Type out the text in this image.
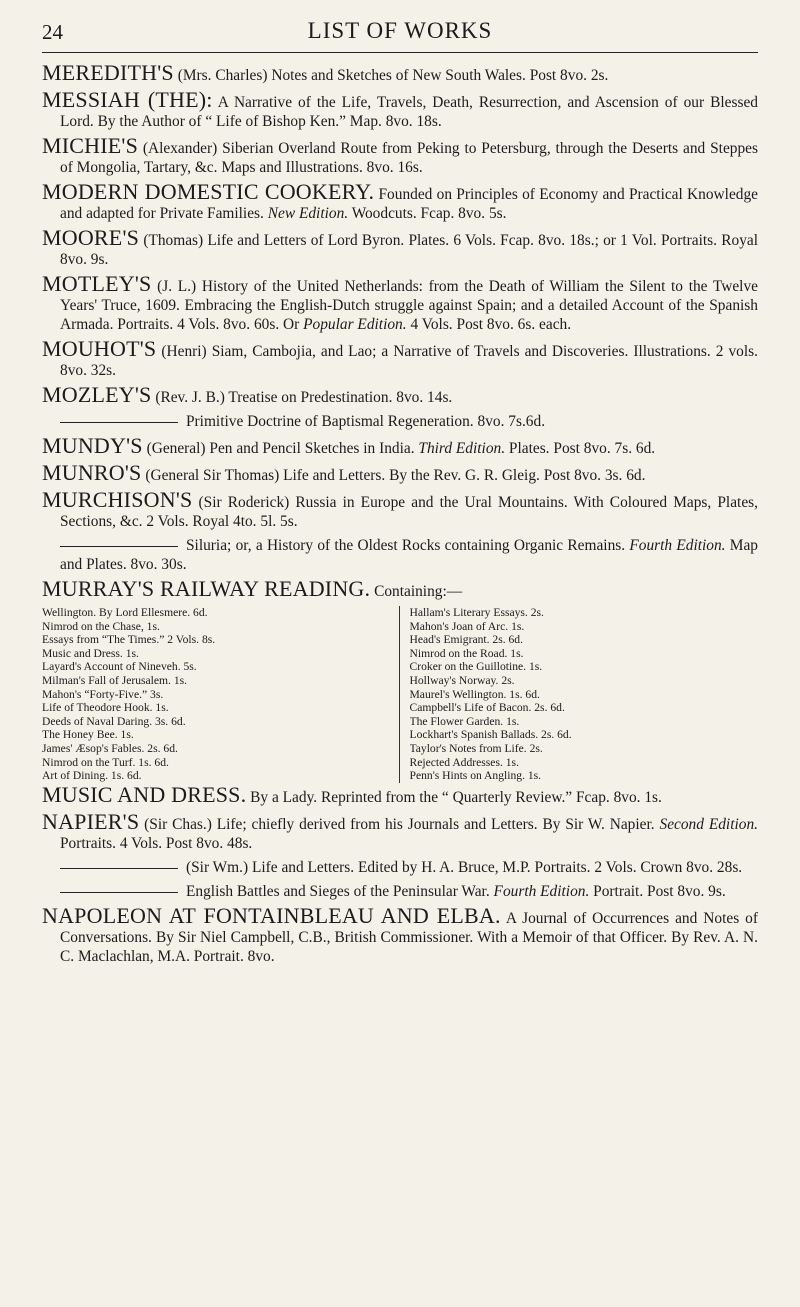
24	LIST OF WORKS

MEREDITH'S (Mrs. Charles) Notes and Sketches of New South Wales. Post 8vo. 2s.

MESSIAH (THE): A Narrative of the Life, Travels, Death, Resurrection, and Ascension of our Blessed Lord. By the Author of “ Life of Bishop Ken.” Map. 8vo. 18s.

MICHIE'S (Alexander) Siberian Overland Route from Peking to Petersburg, through the Deserts and Steppes of Mongolia, Tartary, &c. Maps and Illustrations. 8vo. 16s.

MODERN DOMESTIC COOKERY. Founded on Principles of Economy and Practical Knowledge and adapted for Private Families. New Edition. Woodcuts. Fcap. 8vo. 5s.

MOORE'S (Thomas) Life and Letters of Lord Byron. Plates. 6 Vols. Fcap. 8vo. 18s.; or 1 Vol. Portraits. Royal 8vo. 9s.

MOTLEY'S (J. L.) History of the United Netherlands: from the Death of William the Silent to the Twelve Years' Truce, 1609. Embracing the English-Dutch struggle against Spain; and a detailed Account of the Spanish Armada. Portraits. 4 Vols. 8vo. 60s. Or Popular Edition. 4 Vols. Post 8vo. 6s. each.

MOUHOT'S (Henri) Siam, Cambojia, and Lao; a Narrative of Travels and Discoveries. Illustrations. 2 vols. 8vo. 32s.

MOZLEY'S (Rev. J. B.) Treatise on Predestination. 8vo. 14s.

Primitive Doctrine of Baptismal Regeneration. 8vo. 7s.6d.

MUNDY'S (General) Pen and Pencil Sketches in India. Third Edition. Plates. Post 8vo. 7s. 6d.

MUNRO'S (General Sir Thomas) Life and Letters. By the Rev. G. R. Gleig. Post 8vo. 3s. 6d.

MURCHISON'S (Sir Roderick) Russia in Europe and the Ural Mountains. With Coloured Maps, Plates, Sections, &c. 2 Vols. Royal 4to. 5l. 5s.

Siluria; or, a History of the Oldest Rocks containing Organic Remains. Fourth Edition. Map and Plates. 8vo. 30s.

MURRAY'S RAILWAY READING. Containing:—

Wellington. By Lord Ellesmere. 6d.
Nimrod on the Chase, 1s.
Essays from “The Times.” 2 Vols. 8s.
Music and Dress. 1s.
Layard's Account of Nineveh. 5s.
Milman's Fall of Jerusalem. 1s.
Mahon's “Forty-Five.” 3s.
Life of Theodore Hook. 1s.
Deeds of Naval Daring. 3s. 6d.
The Honey Bee. 1s.
James' Æsop's Fables. 2s. 6d.
Nimrod on the Turf. 1s. 6d.
Art of Dining. 1s. 6d.
Hallam's Literary Essays. 2s.
Mahon's Joan of Arc. 1s.
Head's Emigrant. 2s. 6d.
Nimrod on the Road. 1s.
Croker on the Guillotine. 1s.
Hollway's Norway. 2s.
Maurel's Wellington. 1s. 6d.
Campbell's Life of Bacon. 2s. 6d.
The Flower Garden. 1s.
Lockhart's Spanish Ballads. 2s. 6d.
Taylor's Notes from Life. 2s.
Rejected Addresses. 1s.
Penn's Hints on Angling. 1s.

MUSIC AND DRESS. By a Lady. Reprinted from the “ Quarterly Review.” Fcap. 8vo. 1s.

NAPIER'S (Sir Chas.) Life; chiefly derived from his Journals and Letters. By Sir W. Napier. Second Edition. Portraits. 4 Vols. Post 8vo. 48s.

(Sir Wm.) Life and Letters. Edited by H. A. Bruce, M.P. Portraits. 2 Vols. Crown 8vo. 28s.

English Battles and Sieges of the Peninsular War. Fourth Edition. Portrait. Post 8vo. 9s.

NAPOLEON AT FONTAINBLEAU AND ELBA. A Journal of Occurrences and Notes of Conversations. By Sir Niel Campbell, C.B., British Commissioner. With a Memoir of that Officer. By Rev. A. N. C. Maclachlan, M.A. Portrait. 8vo.
